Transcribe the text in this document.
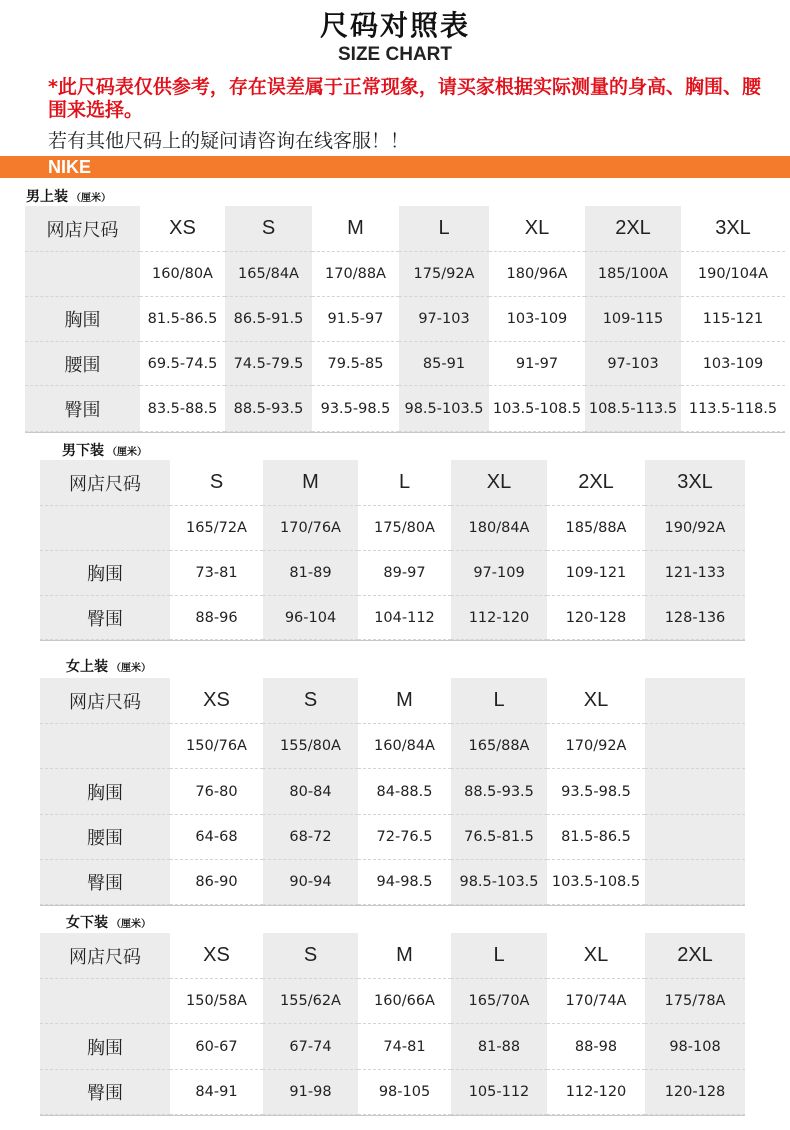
尺码对照表
SIZE CHART
*此尺码表仅供参考，存在误差属于正常现象，请买家根据实际测量的身高、胸围、腰围来选择。
若有其他尺码上的疑问请咨询在线客服！！
NIKE
男上装 （厘米）
男下装 （厘米）
女上装 （厘米）
女下装 （厘米）
网店尺码	XS	S	M	L	XL	2XL	3XL
	160/80A	165/84A	170/88A	175/92A	180/96A	185/100A	190/104A
胸围	81.5-86.5	86.5-91.5	91.5-97	97-103	103-109	109-115	115-121
腰围	69.5-74.5	74.5-79.5	79.5-85	85-91	91-97	97-103	103-109
臀围	83.5-88.5	88.5-93.5	93.5-98.5	98.5-103.5	103.5-108.5	108.5-113.5	113.5-118.5
网店尺码	S	M	L	XL	2XL	3XL
	165/72A	170/76A	175/80A	180/84A	185/88A	190/92A
胸围	73-81	81-89	89-97	97-109	109-121	121-133
臀围	88-96	96-104	104-112	112-120	120-128	128-136
网店尺码	XS	S	M	L	XL	
	150/76A	155/80A	160/84A	165/88A	170/92A	
胸围	76-80	80-84	84-88.5	88.5-93.5	93.5-98.5	
腰围	64-68	68-72	72-76.5	76.5-81.5	81.5-86.5	
臀围	86-90	90-94	94-98.5	98.5-103.5	103.5-108.5	
网店尺码	XS	S	M	L	XL	2XL
	150/58A	155/62A	160/66A	165/70A	170/74A	175/78A
胸围	60-67	67-74	74-81	81-88	88-98	98-108
臀围	84-91	91-98	98-105	105-112	112-120	120-128
